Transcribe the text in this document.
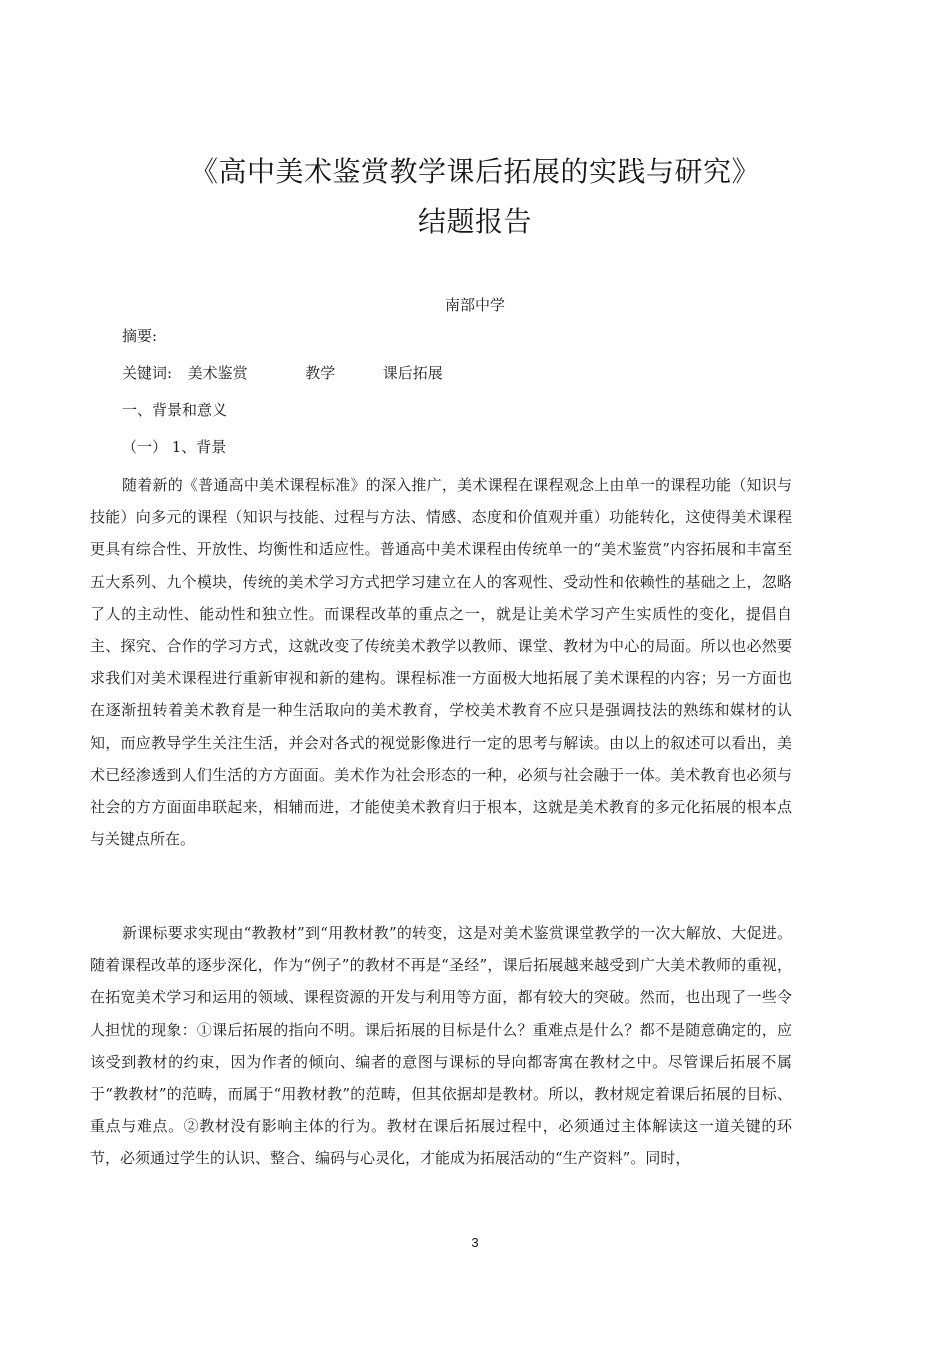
《高中美术鉴赏教学课后拓展的实践与研究》
结题报告
南部中学
摘要:
关键词: 美术鉴赏	教学	课后拓展
一、背景和意义
（一） 1、背景
随着新的《普通高中美术课程标准》的深入推广，美术课程在课程观念上由单一的课程功能（知识与技能）向多元的课程（知识与技能、过程与方法、情感、态度和价值观并重）功能转化，这使得美术课程更具有综合性、开放性、均衡性和适应性。普通高中美术课程由传统单一的“美术鉴赏”内容拓展和丰富至五大系列、九个模块，传统的美术学习方式把学习建立在人的客观性、受动性和依赖性的基础之上，忽略了人的主动性、能动性和独立性。而课程改革的重点之一，就是让美术学习产生实质性的变化，提倡自主、探究、合作的学习方式，这就改变了传统美术教学以教师、课堂、教材为中心的局面。所以也必然要求我们对美术课程进行重新审视和新的建构。课程标准一方面极大地拓展了美术课程的内容；另一方面也在逐渐扭转着美术教育是一种生活取向的美术教育，学校美术教育不应只是强调技法的熟练和媒材的认知，而应教导学生关注生活，并会对各式的视觉影像进行一定的思考与解读。由以上的叙述可以看出，美术已经渗透到人们生活的方方面面。美术作为社会形态的一种，必须与社会融于一体。美术教育也必须与社会的方方面面串联起来，相辅而进，才能使美术教育归于根本，这就是美术教育的多元化拓展的根本点与关键点所在。
新课标要求实现由“教教材”到“用教材教”的转变，这是对美术鉴赏课堂教学的一次大解放、大促进。随着课程改革的逐步深化，作为“例子”的教材不再是“圣经”，课后拓展越来越受到广大美术教师的重视，在拓宽美术学习和运用的领域、课程资源的开发与利用等方面，都有较大的突破。然而，也出现了一些令人担忧的现象：①课后拓展的指向不明。课后拓展的目标是什么？重难点是什么？都不是随意确定的，应该受到教材的约束，因为作者的倾向、编者的意图与课标的导向都寄寓在教材之中。尽管课后拓展不属于“教教材”的范畴，而属于“用教材教”的范畴，但其依据却是教材。所以，教材规定着课后拓展的目标、重点与难点。②教材没有影响主体的行为。教材在课后拓展过程中，必须通过主体解读这一道关键的环节，必须通过学生的认识、整合、编码与心灵化，才能成为拓展活动的“生产资料”。同时，
3
